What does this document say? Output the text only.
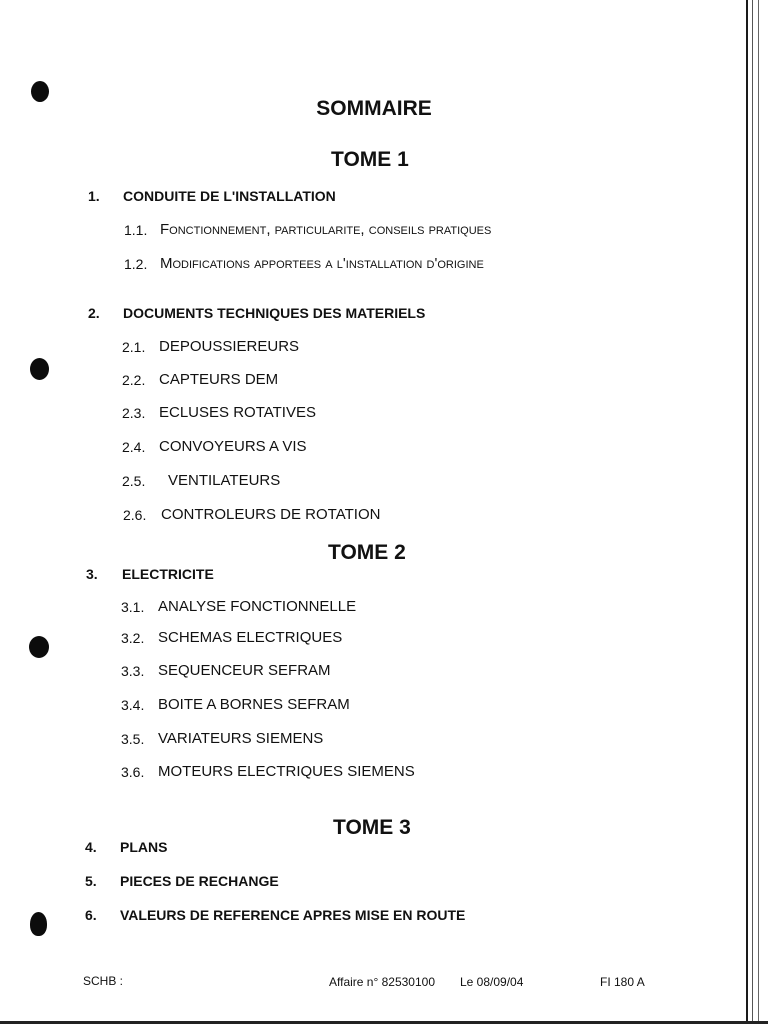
SOMMAIRE
TOME 1
1. CONDUITE DE L'INSTALLATION
1.1. Fonctionnement, particularite, conseils pratiques
1.2. Modifications apportees a l'installation d'origine
2. DOCUMENTS TECHNIQUES DES MATERIELS
2.1. DEPOUSSIEREURS
2.2. CAPTEURS DEM
2.3. ECLUSES ROTATIVES
2.4. CONVOYEURS A VIS
2.5. VENTILATEURS
2.6. CONTROLEURS DE ROTATION
TOME 2
3. ELECTRICITE
3.1. ANALYSE FONCTIONNELLE
3.2. SCHEMAS ELECTRIQUES
3.3. SEQUENCEUR SEFRAM
3.4. BOITE A BORNES SEFRAM
3.5. VARIATEURS SIEMENS
3.6. MOTEURS ELECTRIQUES SIEMENS
TOME 3
4. PLANS
5. PIECES DE RECHANGE
6. VALEURS DE REFERENCE APRES MISE EN ROUTE
SCHB :	Affaire n° 82530100 Le 08/09/04	FI 180 A
